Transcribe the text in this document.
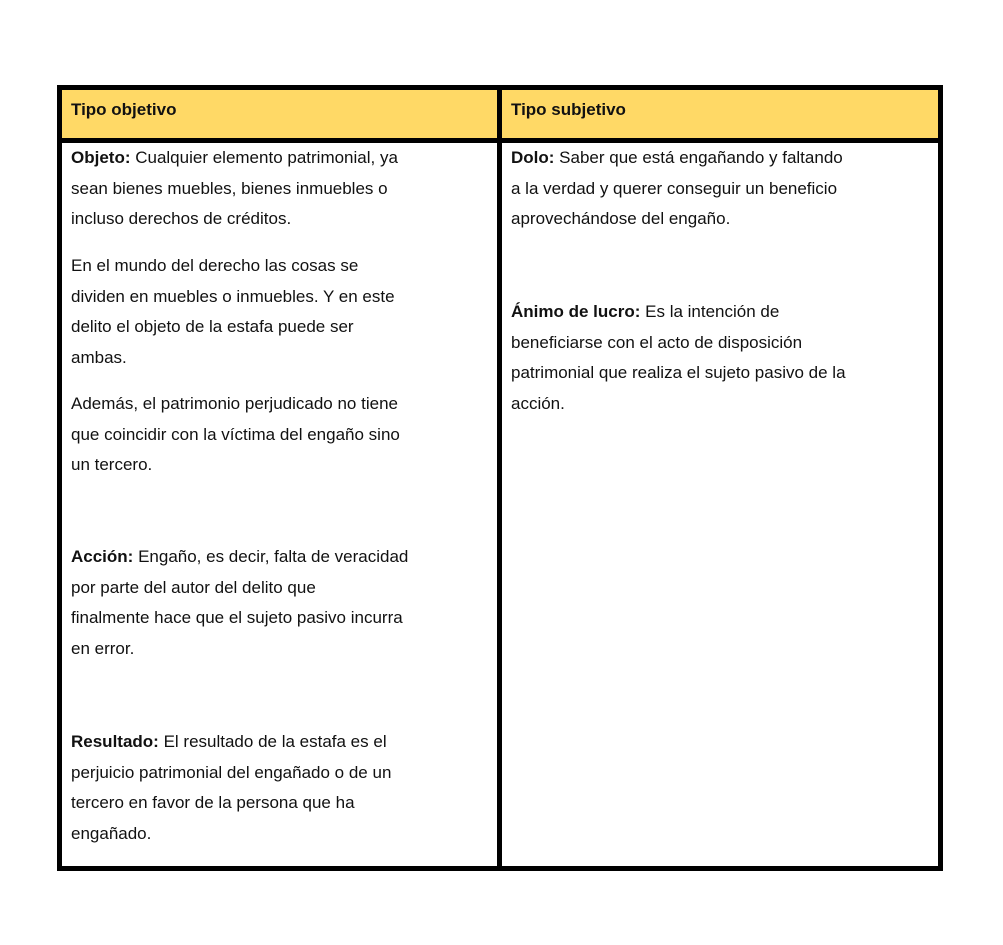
Tipo objetivo	Tipo subjetivo
Objeto: Cualquier elemento patrimonial, ya
sean bienes muebles, bienes inmuebles o
incluso derechos de créditos.
En el mundo del derecho las cosas se
dividen en muebles o inmuebles. Y en este
delito el objeto de la estafa puede ser
ambas.
Además, el patrimonio perjudicado no tiene
que coincidir con la víctima del engaño sino
un tercero.
Acción: Engaño, es decir, falta de veracidad
por parte del autor del delito que
finalmente hace que el sujeto pasivo incurra
en error.
Resultado: El resultado de la estafa es el
perjuicio patrimonial del engañado o de un
tercero en favor de la persona que ha
engañado.
Dolo: Saber que está engañando y faltando
a la verdad y querer conseguir un beneficio
aprovechándose del engaño.
Ánimo de lucro: Es la intención de
beneficiarse con el acto de disposición
patrimonial que realiza el sujeto pasivo de la
acción.
